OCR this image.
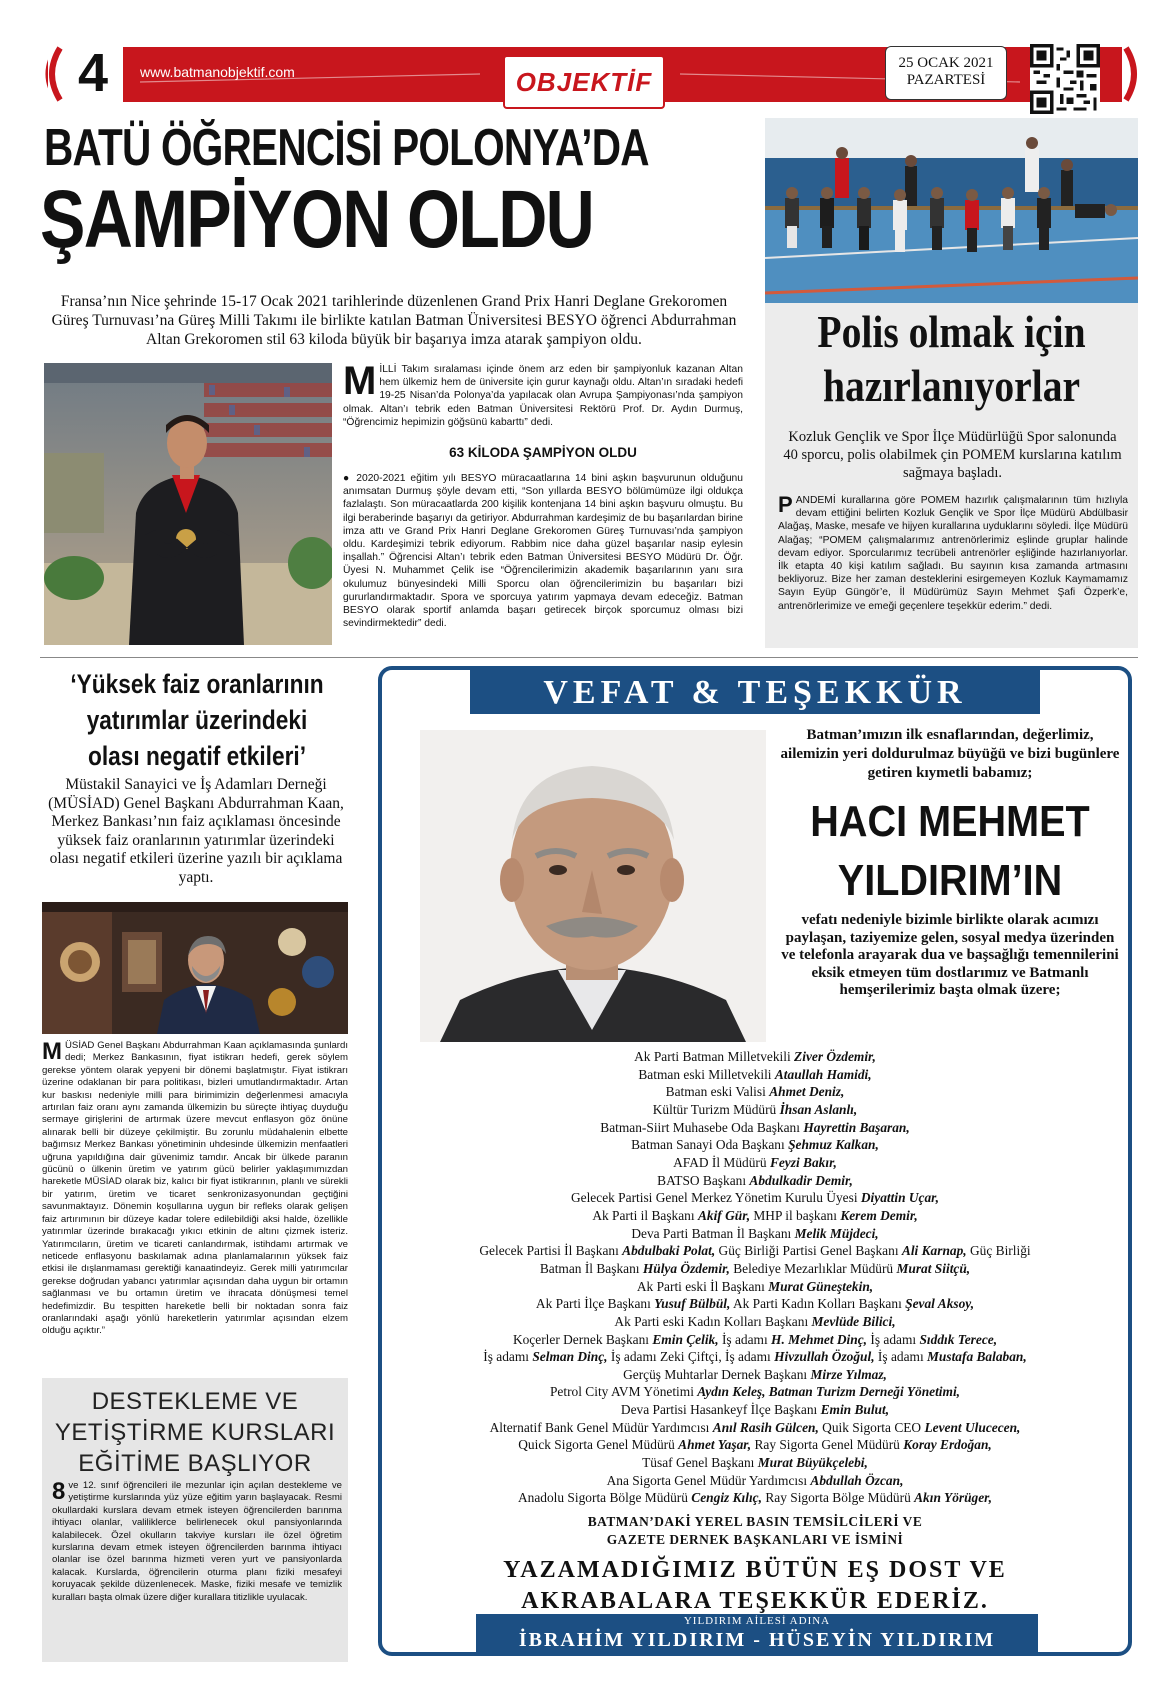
4	www.batmanobjektif.com	OBJEKTİF
25 OCAK 2021
PAZARTESİ
BATÜ ÖĞRENCİSİ POLONYA’DA
ŞAMPİYON OLDU
Fransa’nın Nice şehrinde 15-17 Ocak 2021 tarihlerinde düzenlenen Grand Prix Hanri Deglane Grekoromen Güreş Turnuvası’na Güreş Milli Takımı ile birlikte katılan Batman Üniversitesi BESYO öğrenci Abdurrahman Altan Grekoromen stil 63 kiloda büyük bir başarıya imza atarak şampiyon oldu.
MİLLİ Takım sıralaması içinde önem arz eden bir şampiyonluk kazanan Altan hem ülkemiz hem de üniversite için gurur kaynağı oldu. Altan’ın sıradaki hedefi 19-25 Nisan’da Polonya’da yapılacak olan Avrupa Şampiyonası’nda şampiyon olmak. Altan’ı tebrik eden Batman Üniversitesi Rektörü Prof. Dr. Aydın Durmuş, “Öğrencimiz hepimizin göğsünü kabarttı” dedi.
63 KİLODA ŞAMPİYON OLDU
● 2020-2021 eğitim yılı BESYO müracaatlarına 14 bini aşkın başvurunun olduğunu anımsatan Durmuş şöyle devam etti, “Son yıllarda BESYO bölümümüze ilgi oldukça fazlalaştı. Son müracaatlarda 200 kişilik kontenjana 14 bini aşkın başvuru olmuştu. Bu ilgi beraberinde başarıyı da getiriyor. Abdurrahman kardeşimiz de bu başarılardan birine imza attı ve Grand Prix Hanri Deglane Grekoromen Güreş Turnuvası’nda şampiyon oldu. Kardeşimizi tebrik ediyorum. Rabbim nice daha güzel başarılar nasip eylesin inşallah.” Öğrencisi Altan’ı tebrik eden Batman Üniversitesi BESYO Müdürü Dr. Öğr. Üyesi N. Muhammet Çelik ise “Öğrencilerimizin akademik başarılarının yanı sıra okulumuz bünyesindeki Milli Sporcu olan öğrencilerimizin bu başarıları bizi gururlandırmaktadır. Spora ve sporcuya yatırım yapmaya devam edeceğiz. Batman BESYO olarak sportif anlamda başarı getirecek birçok sporcumuz olması bizi sevindirmektedir” dedi.
Polis olmak için hazırlanıyorlar
Kozluk Gençlik ve Spor İlçe Müdürlüğü Spor salonunda 40 sporcu, polis olabilmek çin POMEM kurslarına katılım sağmaya başladı.
PANDEMİ kurallarına göre POMEM hazırlık çalışmalarının tüm hızlıyla devam ettiğini belirten Kozluk Gençlik ve Spor İlçe Müdürü Abdülbasir Alağaş, Maske, mesafe ve hijyen kurallarına uyduklarını söyledi. İlçe Müdürü Alağaş; “POMEM çalışmalarımız antrenörlerimiz eşlinde gruplar halinde devam ediyor. Sporcularımız tecrübeli antrenörler eşliğinde hazırlanıyorlar. İlk etapta 40 kişi katılım sağladı. Bu sayının kısa zamanda artmasını bekliyoruz. Bize her zaman desteklerini esirgemeyen Kozluk Kaymamamız Sayın Eyüp Güngör’e, İl Müdürümüz Sayın Mehmet Şafi Özperk’e, antrenörlerimize ve emeği geçenlere teşekkür ederim.” dedi.
‘Yüksek faiz oranlarının yatırımlar üzerindeki olası negatif etkileri’
Müstakil Sanayici ve İş Adamları Derneği (MÜSİAD) Genel Başkanı Abdurrahman Kaan, Merkez Bankası’nın faiz açıklaması öncesinde yüksek faiz oranlarının yatırımlar üzerindeki olası negatif etkileri üzerine yazılı bir açıklama yaptı.
MÜSİAD Genel Başkanı Abdurrahman Kaan açıklamasında şunlardı dedi; Merkez Bankasının, fiyat istikrarı hedefi, gerek söylem gerekse yöntem olarak yepyeni bir dönemi başlatmıştır. Fiyat istikrarı üzerine odaklanan bir para politikası, bizleri umutlandırmaktadır. Artan kur baskısı nedeniyle milli para birimimizin değerlenmesi amacıyla artırılan faiz oranı aynı zamanda ülkemizin bu süreçte ihtiyaç duyduğu sermaye girişlerini de artırmak üzere mevcut enflasyon göz önüne alınarak belli bir düzeye çekilmiştir. Bu zorunlu müdahalenin elbette bağımsız Merkez Bankası yönetiminin uhdesinde ülkemizin menfaatleri uğruna yapıldığına dair güvenimiz tamdır. Ancak bir ülkede paranın gücünü o ülkenin üretim ve yatırım gücü belirler yaklaşımımızdan hareketle MÜSİAD olarak biz, kalıcı bir fiyat istikrarının, planlı ve sürekli bir yatırım, üretim ve ticaret senkronizasyonundan geçtiğini savunmaktayız. Dönemin koşullarına uygun bir refleks olarak gelişen faiz artırımının bir düzeye kadar tolere edilebildiği aksi halde, özellikle yatırımlar üzerinde bırakacağı yıkıcı etkinin de altını çizmek isteriz. Yatırımcıların, üretim ve ticareti canlandırmak, istihdamı artırmak ve neticede enflasyonu baskılamak adına planlamalarının yüksek faiz etkisi ile dışlanmaması gerektiği kanaatindeyiz. Gerek milli yatırımcılar gerekse doğrudan yabancı yatırımlar açısından daha uygun bir ortamın sağlanması ve bu ortamın üretim ve ihracata dönüşmesi temel hedefimizdir. Bu tespitten hareketle belli bir noktadan sonra faiz oranlarındaki aşağı yönlü hareketlerin yatırımlar açısından elzem olduğu açıktır.”
DESTEKLEME VE YETİŞTİRME KURSLARI EĞİTİME BAŞLIYOR
8 ve 12. sınıf öğrencileri ile mezunlar için açılan destekleme ve yetiştirme kurslarında yüz yüze eğitim yarın başlayacak. Resmi okullardaki kurslara devam etmek isteyen öğrencilerden barınma ihtiyacı olanlar, valiliklerce belirlenecek okul pansiyonlarında kalabilecek. Özel okulların takviye kursları ile özel öğretim kurslarına devam etmek isteyen öğrencilerden barınma ihtiyacı olanlar ise özel barınma hizmeti veren yurt ve pansiyonlarda kalacak. Kurslarda, öğrencilerin oturma planı fiziki mesafeyi koruyacak şekilde düzenlenecek. Maske, fiziki mesafe ve temizlik kuralları başta olmak üzere diğer kurallara titizlikle uyulacak.
VEFAT & TEŞEKKÜR
Batman’ımızın ilk esnaflarından, değerlimiz, ailemizin yeri doldurulmaz büyüğü ve bizi bugünlere getiren kıymetli babamız;
HACI MEHMET
YILDIRIM’IN
vefatı nedeniyle bizimle birlikte olarak acımızı paylaşan, taziyemize gelen, sosyal medya üzerinden ve telefonla arayarak dua ve başsağlığı temennilerini eksik etmeyen tüm dostlarımız ve Batmanlı hemşerilerimiz başta olmak üzere;
Ak Parti Batman Milletvekili Ziver Özdemir,
Batman eski Milletvekili Ataullah Hamidi,
Batman eski Valisi Ahmet Deniz,
Kültür Turizm Müdürü İhsan Aslanlı,
Batman-Siirt Muhasebe Oda Başkanı Hayrettin Başaran,
Batman Sanayi Oda Başkanı Şehmuz Kalkan,
AFAD İl Müdürü Feyzi Bakır,
BATSO Başkanı Abdulkadir Demir,
Gelecek Partisi Genel Merkez Yönetim Kurulu Üyesi Diyattin Uçar,
Ak Parti il Başkanı Akif Gür, MHP il başkanı Kerem Demir,
Deva Parti Batman İl Başkanı Melik Müjdeci,
Gelecek Partisi İl Başkanı Abdulbaki Polat, Güç Birliği Partisi Genel Başkanı Ali Karnap, Güç Birliği
Batman İl Başkanı Hülya Özdemir, Belediye Mezarlıklar Müdürü Murat Siitçü,
Ak Parti eski İl Başkanı Murat Güneştekin,
Ak Parti İlçe Başkanı Yusuf Bülbül, Ak Parti Kadın Kolları Başkanı Şeval Aksoy,
Ak Parti eski Kadın Kolları Başkanı Mevlüde Bilici,
Koçerler Dernek Başkanı Emin Çelik, İş adamı H. Mehmet Dinç, İş adamı Sıddık Terece,
İş adamı Selman Dinç, İş adamı Zeki Çiftçi, İş adamı Hivzullah Özoğul, İş adamı Mustafa Balaban,
Gerçüş Muhtarlar Dernek Başkanı Mirze Yılmaz,
Petrol City AVM Yönetimi Aydın Keleş, Batman Turizm Derneği Yönetimi,
Deva Partisi Hasankeyf İlçe Başkanı Emin Bulut,
Alternatif Bank Genel Müdür Yardımcısı Anıl Rasih Gülcen, Quik Sigorta CEO Levent Ulucecen,
Quick Sigorta Genel Müdürü Ahmet Yaşar, Ray Sigorta Genel Müdürü Koray Erdoğan,
Tüsaf Genel Başkanı Murat Büyükçelebi,
Ana Sigorta Genel Müdür Yardımcısı Abdullah Özcan,
Anadolu Sigorta Bölge Müdürü Cengiz Kılıç, Ray Sigorta Bölge Müdürü Akın Yörüger,
BATMAN’DAKİ YEREL BASIN TEMSİLCİLERİ VE
GAZETE DERNEK BAŞKANLARI VE İSMİNİ
YAZAMADIĞIMIZ BÜTÜN EŞ DOST VE
AKRABALARA TEŞEKKÜR EDERİZ.
YILDIRIM AİLESİ ADINA
İBRAHİM YILDIRIM - HÜSEYİN YILDIRIM
